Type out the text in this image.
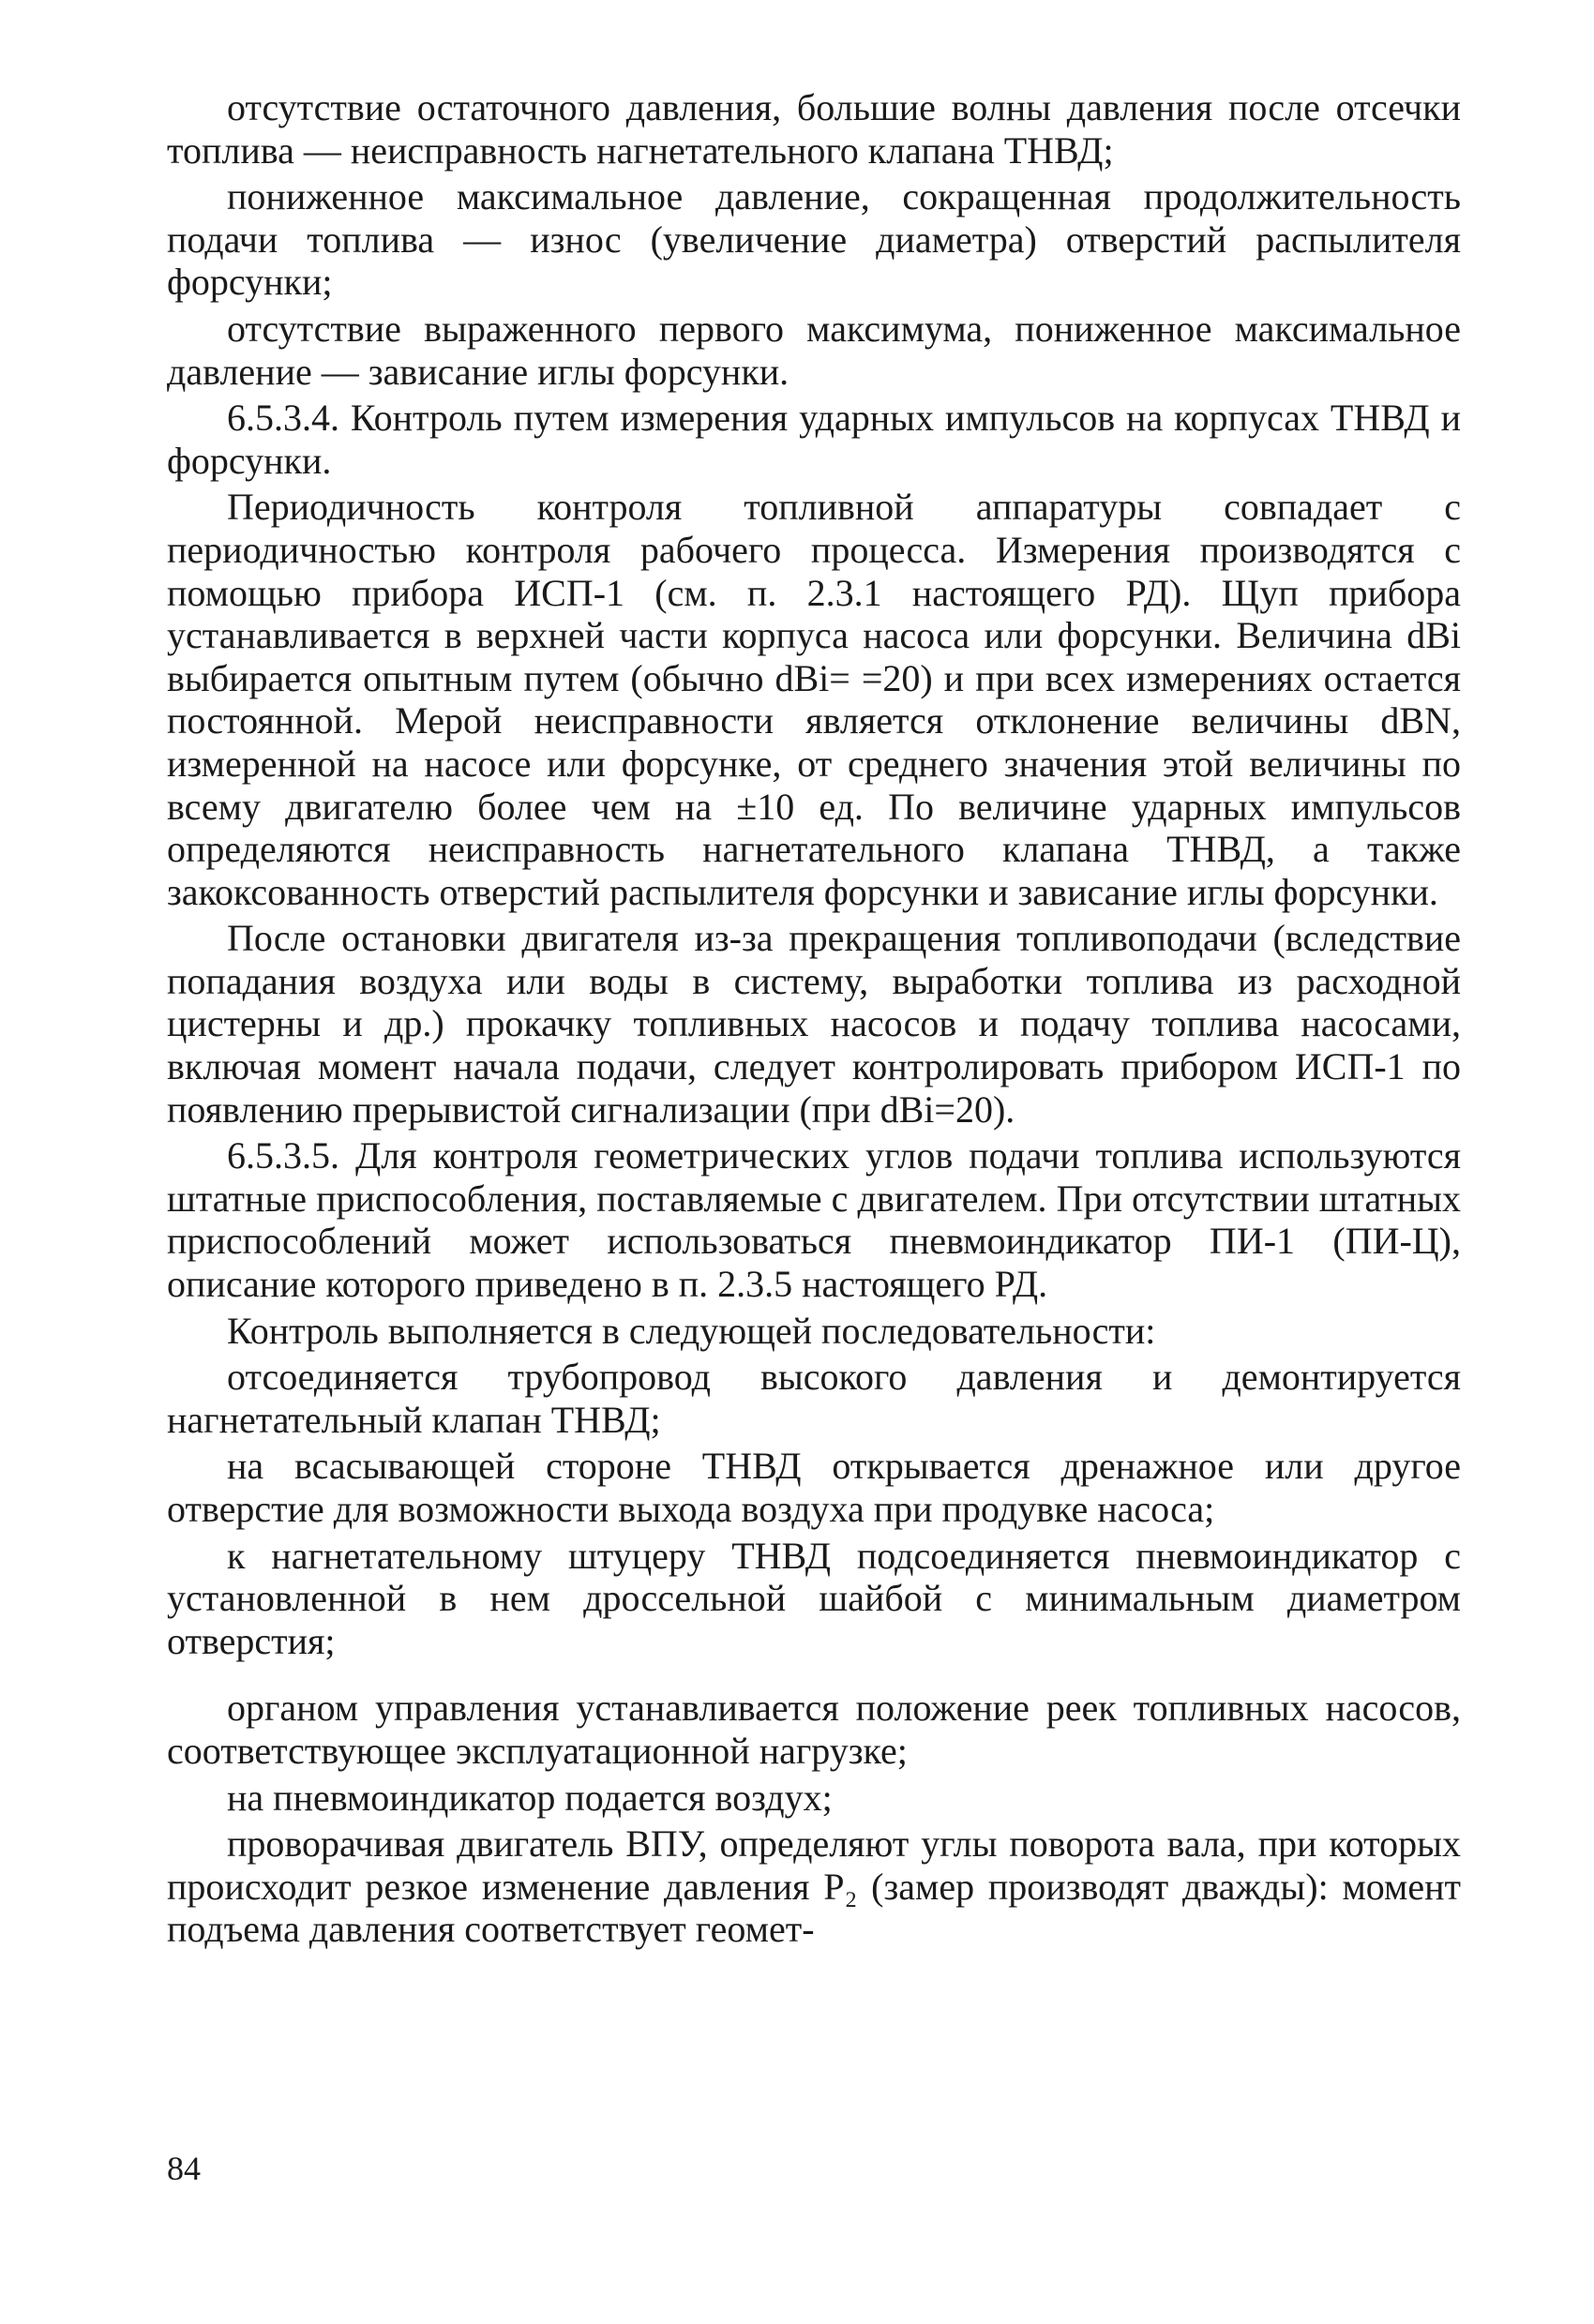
отсутствие остаточного давления, большие волны давления после отсечки топлива — неисправность нагнетательного клапана ТНВД;

пониженное максимальное давление, сокращенная продолжительность подачи топлива — износ (увеличение диаметра) отверстий распылителя форсунки;

отсутствие выраженного первого максимума, пониженное максимальное давление — зависание иглы форсунки.

6.5.3.4. Контроль путем измерения ударных импульсов на корпусах ТНВД и форсунки.

Периодичность контроля топливной аппаратуры совпадает с периодичностью контроля рабочего процесса. Измерения производятся с помощью прибора ИСП-1 (см. п. 2.3.1 настоящего РД). Щуп прибора устанавливается в верхней части корпуса насоса или форсунки. Величина dBі выбирается опытным путем (обычно dBі= =20) и при всех измерениях остается постоянной. Мерой неисправности является отклонение величины dBN, измеренной на насосе или форсунке, от среднего значения этой величины по всему двигателю более чем на ±10 ед. По величине ударных импульсов определяются неисправность нагнетательного клапана ТНВД, а также закоксованность отверстий распылителя форсунки и зависание иглы форсунки.

После остановки двигателя из-за прекращения топливоподачи (вследствие попадания воздуха или воды в систему, выработки топлива из расходной цистерны и др.) прокачку топливных насосов и подачу топлива насосами, включая момент начала подачи, следует контролировать прибором ИСП-1 по появлению прерывистой сигнализации (при dBі=20).

6.5.3.5. Для контроля геометрических углов подачи топлива используются штатные приспособления, поставляемые с двигателем. При отсутствии штатных приспособлений может использоваться пневмоиндикатор ПИ-1 (ПИ-Ц), описание которого приведено в п. 2.3.5 настоящего РД.

Контроль выполняется в следующей последовательности:

отсоединяется трубопровод высокого давления и демонтируется нагнетательный клапан ТНВД;

на всасывающей стороне ТНВД открывается дренажное или другое отверстие для возможности выхода воздуха при продувке насоса;

к нагнетательному штуцеру ТНВД подсоединяется пневмоиндикатор с установленной в нем дроссельной шайбой с минимальным диаметром отверстия;

органом управления устанавливается положение реек топливных насосов, соответствующее эксплуатационной нагрузке;

на пневмоиндикатор подается воздух;

проворачивая двигатель ВПУ, определяют углы поворота вала, при которых происходит резкое изменение давления P₂ (замер производят дважды): момент подъема давления соответствует геомет-

84
